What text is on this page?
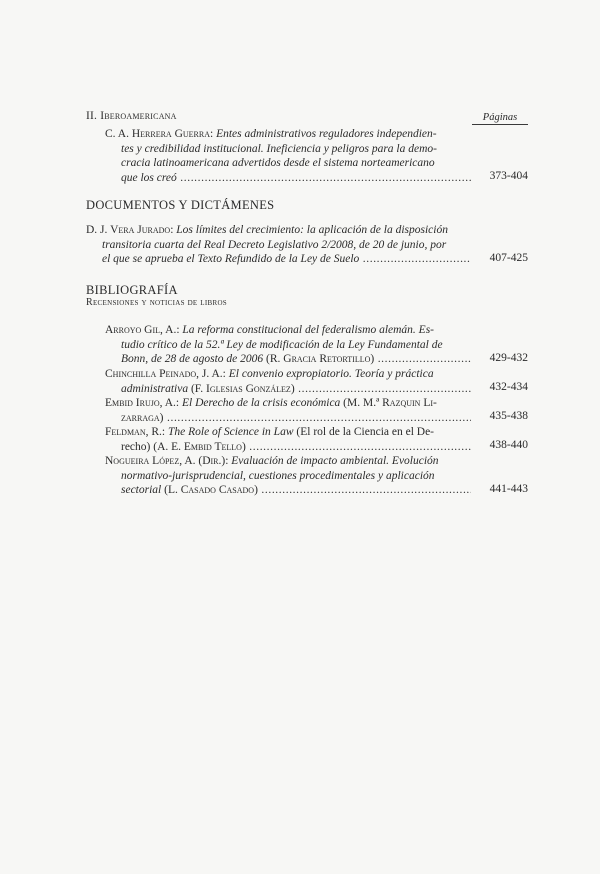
II. Iberoamericana	Páginas
C. A. Herrera Guerra: Entes administrativos reguladores independien-
tes y credibilidad institucional. Ineficiencia y peligros para la demo-
cracia latinoamericana advertidos desde el sistema norteamericano
que los creó .....	373-404
DOCUMENTOS Y DICTÁMENES
D. J. Vera Jurado: Los límites del crecimiento: la aplicación de la disposición
transitoria cuarta del Real Decreto Legislativo 2/2008, de 20 de junio, por
el que se aprueba el Texto Refundido de la Ley de Suelo .....	407-425
BIBLIOGRAFÍA
Recensiones y noticias de libros
Arroyo Gil, A.: La reforma constitucional del federalismo alemán. Es-
tudio crítico de la 52.ª Ley de modificación de la Ley Fundamental de
Bonn, de 28 de agosto de 2006 (R. Gracia Retortillo) .....	429-432
Chinchilla Peinado, J. A.: El convenio expropiatorio. Teoría y práctica
administrativa (F. Iglesias González) .....	432-434
Embid Irujo, A.: El Derecho de la crisis económica (M. M.ª Razquin Li-
zarraga) .....	435-438
Feldman, R.: The Role of Science in Law (El rol de la Ciencia en el De-
recho) (A. E. Embid Tello) .....	438-440
Nogueira López, A. (Dir.): Evaluación de impacto ambiental. Evolución
normativo-jurisprudencial, cuestiones procedimentales y aplicación
sectorial (L. Casado Casado) .....	441-443
